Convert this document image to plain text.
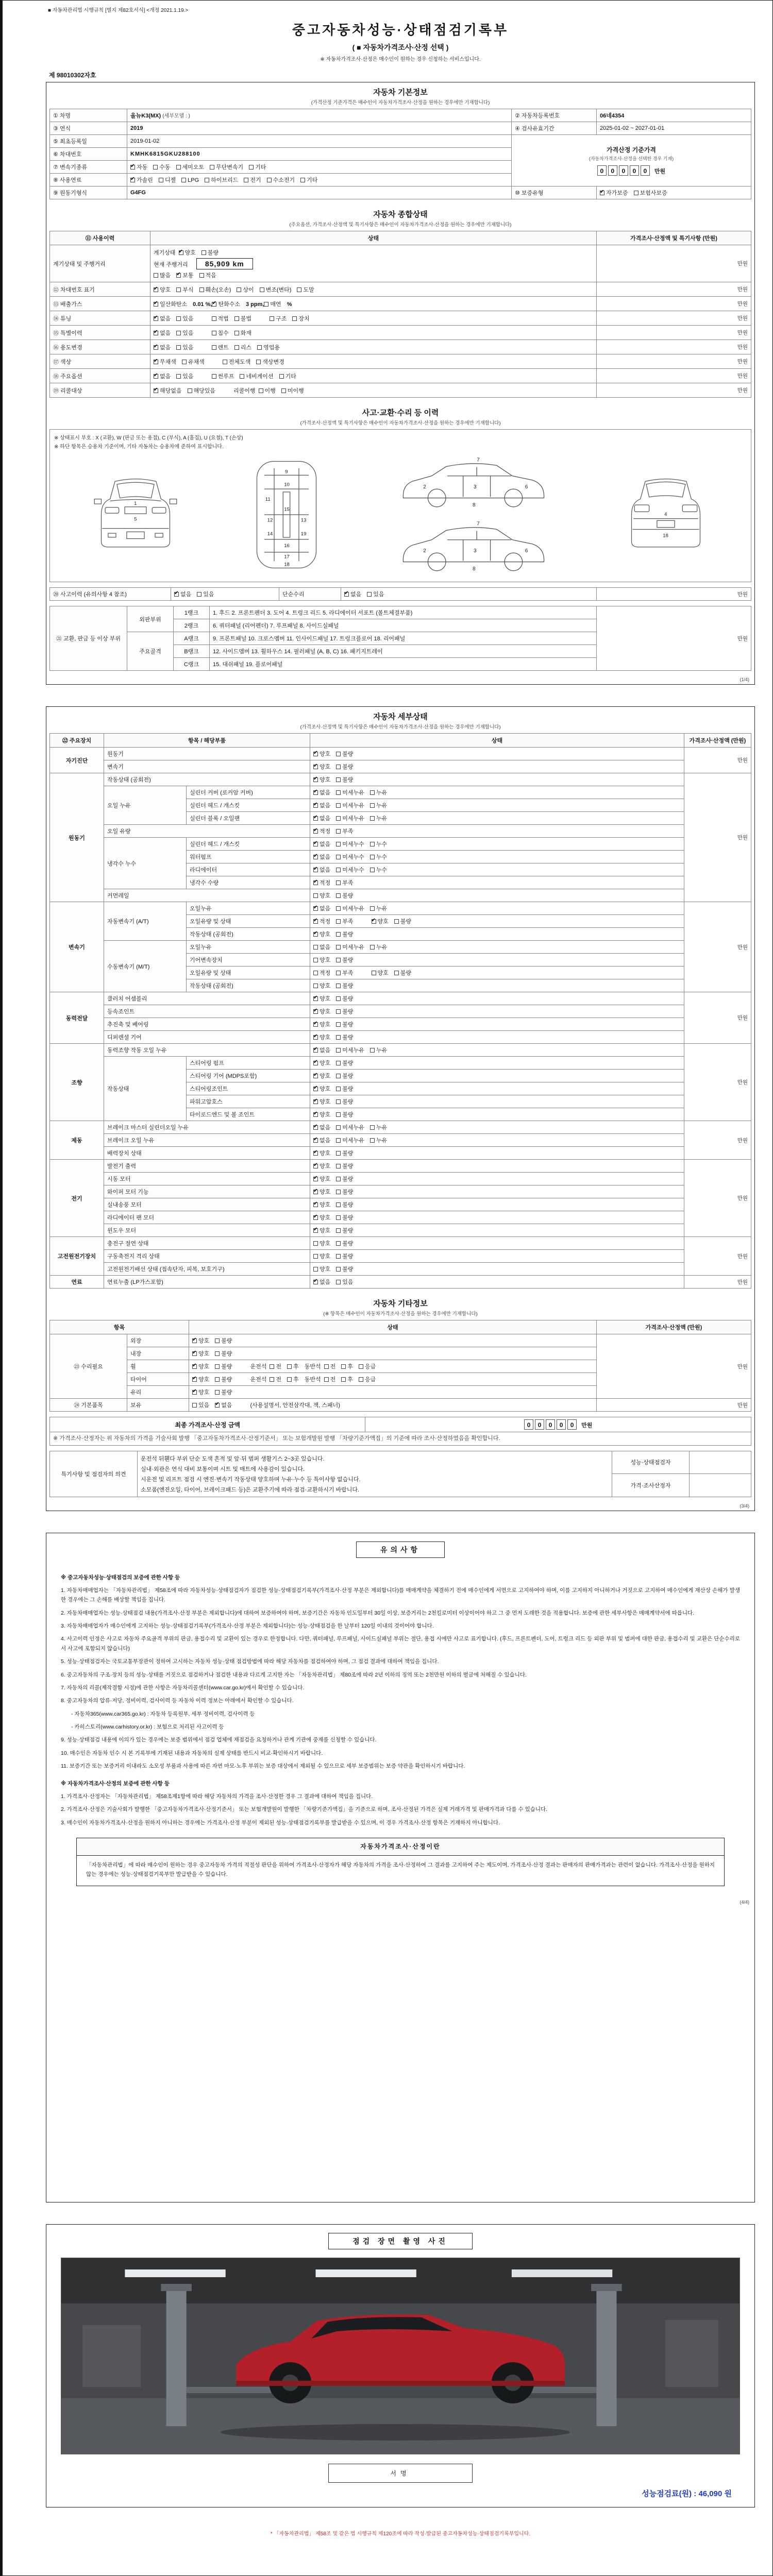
■ 자동차관리법 시행규칙 [별지 제82호서식] <개정 2021.1.19.>
중고자동차성능·상태점검기록부
( ■ 자동차가격조사·산정 선택 )
※ 자동차가격조사·산정은 매수인이 원하는 경우 신청하는 서비스입니다.
제 98010302자호
자동차 기본정보
(가격산정 기준가격은 매수인이 자동차가격조사·산정을 원하는 경우에만 기재합니다)
① 차명	올뉴K3(MX) (세부모델 : )	② 자동차등록번호	06네4354
③ 연식	2019	④ 검사유효기간	2025-01-02 ~ 2027-01-01
⑤ 최초등록일	2019-01-02	가격산정 기준가격
(자동차가격조사·산정을 선택한 경우 기재)
0 0 0 0 0 만원	

⑥ 차대번호	KMHK6815GKU288100		
⑦ 변속기종류	✔자동 수동 세미오토 무단변속기 기타
⑧ 사용연료	✔가솔린 디젤 LPG 하이브리드 전기 수소전기 기타
⑨ 원동기형식	G4FG	⑩ 보증유형	✔자가보증 보험사보증
자동차 종합상태
(주요옵션, 가격조사·산정액 및 특기사항은 매수인이 자동차가격조사·산정을 원하는 경우에만 기재합니다)
⑪ 사용이력	상태	가격조사·산정액 및 특기사항 (만원)
계기상태 및 주행거리	계기상태 ✔ 양호 불량
현재 주행거리 85,909 km
많음 ✔ 보통 적음	만원
⑫ 차대번호 표기	
✔양호 부식 훼손(오손) 상이 변조(변타) 도말	만원
⑬ 배출가스	
✔일산화탄소 0.01 %, ✔ 탄화수소 3 ppm, 매연 %	만원
⑭ 튜닝	
✔없음 있음 적법 불법 구조 장치	만원
⑮ 특별이력	
✔없음 있음 침수 화재	만원
⑯ 용도변경	
✔없음 있음 렌트 리스 영업용	만원
⑰ 색상	
✔무채색 유채색 전체도색 색상변경	만원
⑱ 주요옵션	
✔없음 있음 썬루프 네비게이션 기타	만원
⑲ 리콜대상	
✔해당없음 해당있음 리콜이행 이행 미이행	만원
사고·교환·수리 등 이력
(가격조사·산정액 및 특기사항은 매수인이 자동차가격조사·산정을 원하는 경우에만 기재합니다)
※ 상태표시 부호 : X (교환), W (판금 또는 용접), C (부식), A (흠집), U (요철), T (손상)
※ 하단 항목은 승용차 기준이며, 기타 자동차는 승용차에 준하여 표시합니다.
1
5
9
10
11
12	13
14
15
16
17
18
19
2	3	6
7
8
2	3	6
7
8
4
18
⑳ 사고이력 (유의사항 4 참조)	✔없음 있음	단순수리	✔없음 있음	만원
㉑ 교환, 판금 등 이상 부위	외판부위	1랭크	1. 후드 2. 프론트펜더 3. 도어 4. 트렁크 리드 5. 라디에이터 서포트 (볼트체결부품)	만원
		2랭크	6. 쿼터패널 (리어펜더) 7. 루프패널 8. 사이드실패널	
	주요골격	A랭크	9. 프론트패널 10. 크로스멤버 11. 인사이드패널 17. 트렁크플로어 18. 리어패널	
		B랭크	12. 사이드멤버 13. 휠하우스 14. 필러패널 (A, B, C) 16. 패키지트레이	
		C랭크	15. 대쉬패널 19. 플로어패널	
(1/4)
자동차 세부상태
(가격조사·산정액 및 특기사항은 매수인이 자동차가격조사·산정을 원하는 경우에만 기재합니다)
㉒ 주요장치	항목 / 해당부품		상태	가격조사·산정액 (만원)
자기진단	원동기	✔양호 불량	만원
	변속기	✔양호 불량
원동기	작동상태 (공회전)	✔양호 불량	만원
	오일 누유	실린더 커버 (로커암 커버)	✔없음 미세누유 누유
		실린더 헤드 / 개스킷	✔없음 미세누유 누유
		실린더 블록 / 오일팬	✔없음 미세누유 누유
	오일 유량	✔적정 부족
	냉각수 누수	실린더 헤드 / 개스킷	✔없음 미세누수 누수
		워터펌프	✔없음 미세누수 누수
		라디에이터	✔없음 미세누수 누수
		냉각수 수량	✔적정 부족
	커먼레일		양호 불량	
변속기	자동변속기 (A/T)	오일누유	✔없음 미세누유 누유	만원
		오일유량 및 상태	✔적정 부족 ✔ 양호 불량
		작동상태 (공회전)	✔양호 불량
	수동변속기 (M/T)	오일누유	없음 미세누유 누유	
		기어변속장치	양호 불량	
		오일유량 및 상태	적정 부족 양호 불량	
		작동상태 (공회전)	양호 불량	
동력전달	클러치 어셈블리	✔양호 불량	만원
	등속조인트	✔양호 불량
	추진축 및 베어링	✔양호 불량
	디퍼렌셜 기어	✔양호 불량
조향	동력조향 작동 오일 누유	✔없음 미세누유 누유	만원
	작동상태	스티어링 펌프	✔양호 불량
		스티어링 기어 (MDPS포함)	✔양호 불량
		스티어링조인트	✔양호 불량
		파워고압호스	✔양호 불량
		타이로드엔드 및 볼 조인트	✔양호 불량
제동	브레이크 마스터 실린더오일 누유	✔없음 미세누유 누유	만원
	브레이크 오일 누유	✔없음 미세누유 누유
	배력장치 상태	✔양호 불량
전기	발전기 출력	✔양호 불량	만원
	시동 모터	✔양호 불량
	와이퍼 모터 기능	✔양호 불량
	실내송풍 모터	✔양호 불량
	라디에이터 팬 모터	✔양호 불량
	윈도우 모터	✔양호 불량
고전원전기장치	충전구 절연 상태		양호 불량	만원
	구동축전지 격리 상태		양호 불량	
	고전원전기배선 상태 (접속단자, 피복, 보호기구)		양호 불량	
연료	연료누출 (LP가스포함)	✔없음 있음	만원
자동차 기타정보
(※ 항목은 매수인이 자동차가격조사·산정을 원하는 경우에만 기재합니다)
항목		상태	가격조사·산정액 (만원)
㉓ 수리필요	외장	✔양호 불량	만원
	내장	✔양호 불량
	휠	✔양호 불량 운전석 전 후 동반석 전 후 응급
	타이어	✔양호 불량 운전석 전 후 동반석 전 후 응급
	유리	✔양호 불량
㉔ 기본품목	보유	있음 ✔ 없음 (사용설명서, 안전삼각대, 잭, 스패너)	만원
최종 가격조사·산정 금액	0 0 0 0 0 만원
※ 가격조사·산정자는 위 자동차의 가격을 기술사회 발행 「중고자동차가격조사·산정기준서」 또는 보험개발원 발행 「차량기준가액집」의 기준에 따라 조사·산정하였음을 확인합니다.
특기사항 및 점검자의 의견	운전석 뒤휀다 부위 단순 도색 흔적 및 앞·뒤 범퍼 생활기스 2~3곳 있습니다.
실내·외관은 연식 대비 보통이며 시트 및 매트에 사용감이 있습니다.
시운전 및 리프트 점검 시 엔진·변속기 작동상태 양호하며 누유·누수 등 특이사항 없습니다.
소모품(엔진오일, 타이어, 브레이크패드 등)은 교환주기에 따라 점검·교환하시기 바랍니다.	성능·상태점검자	
		가격·조사산정자	
(3/4)
유의사항
※ 중고자동차성능·상태점검의 보증에 관한 사항 등
1. 자동차매매업자는 「자동차관리법」 제58조에 따라 자동차성능·상태점검자가 점검한 성능·상태점검기록부(가격조사·산정 부분은 제외합니다)를 매매계약을 체결하기 전에 매수인에게 서면으로 고지하여야 하며, 이를 고지하지 아니하거나 거짓으로 고지하여 매수인에게 재산상 손해가 발생한 경우에는 그 손해를 배상할 책임을 집니다.
2. 자동차매매업자는 성능·상태점검 내용(가격조사·산정 부분은 제외합니다)에 대하여 보증하여야 하며, 보증기간은 자동차 인도일부터 30일 이상, 보증거리는 2천킬로미터 이상이어야 하고 그 중 먼저 도래한 것을 적용합니다. 보증에 관한 세부사항은 매매계약서에 따릅니다.
3. 자동차매매업자가 매수인에게 고지하는 성능·상태점검기록부(가격조사·산정 부분은 제외합니다)는 성능·상태점검을 한 날부터 120일 이내의 것이어야 합니다.
4. 사고이력 인정은 사고로 자동차 주요골격 부위의 판금, 용접수리 및 교환이 있는 경우로 한정합니다. 다만, 쿼터패널, 루프패널, 사이드실패널 부위는 절단, 용접 시에만 사고로 표기합니다. (후드, 프론트펜더, 도어, 트렁크 리드 등 외판 부위 및 범퍼에 대한 판금, 용접수리 및 교환은 단순수리로서 사고에 포함되지 않습니다)
5. 성능·상태점검자는 국토교통부장관이 정하여 고시하는 자동차 성능·상태 점검방법에 따라 해당 자동차를 점검하여야 하며, 그 점검 결과에 대하여 책임을 집니다.
6. 중고자동차의 구조·장치 등의 성능·상태를 거짓으로 점검하거나 점검한 내용과 다르게 고지한 자는 「자동차관리법」 제80조에 따라 2년 이하의 징역 또는 2천만원 이하의 벌금에 처해질 수 있습니다.
7. 자동차의 리콜(제작결함 시정)에 관한 사항은 자동차리콜센터(www.car.go.kr)에서 확인할 수 있습니다.
8. 중고자동차의 압류·저당, 정비이력, 검사이력 등 자동차 이력 정보는 아래에서 확인할 수 있습니다.
- 자동차365(www.car365.go.kr) : 자동차 등록원부, 세부 정비이력, 검사이력 등
- 카히스토리(www.carhistory.or.kr) : 보험으로 처리된 사고이력 등
9. 성능·상태점검 내용에 이의가 있는 경우에는 보증 범위에서 점검 업체에 재점검을 요청하거나 관계 기관에 중재를 신청할 수 있습니다.
10. 매수인은 자동차 인수 시 본 기록부에 기재된 내용과 자동차의 실제 상태를 반드시 비교·확인하시기 바랍니다.
11. 보증기간 또는 보증거리 이내라도 소모성 부품과 사용에 따른 자연 마모·노후 부위는 보증 대상에서 제외될 수 있으므로 세부 보증범위는 보증 약관을 확인하시기 바랍니다.
※ 자동차가격조사·산정의 보증에 관한 사항 등
1. 가격조사·산정자는 「자동차관리법」 제58조제1항에 따라 해당 자동차의 가격을 조사·산정한 경우 그 결과에 대하여 책임을 집니다.
2. 가격조사·산정은 기술사회가 발행한 「중고자동차가격조사·산정기준서」 또는 보험개발원이 발행한 「차량기준가액집」을 기준으로 하며, 조사·산정된 가격은 실제 거래가격 및 판매가격과 다를 수 있습니다.
3. 매수인이 자동차가격조사·산정을 원하지 아니하는 경우에는 가격조사·산정 부분이 제외된 성능·상태점검기록부를 발급받을 수 있으며, 이 경우 가격조사·산정 항목은 기재하지 아니합니다.
자동차가격조사·산정이란
「자동차관리법」에 따라 매수인이 원하는 경우 중고자동차 가격의 적절성 판단을 위하여 가격조사·산정자가 해당 자동차의 가격을 조사·산정하여 그 결과를 고지하여 주는 제도이며, 가격조사·산정 결과는 판매자의 판매가격과는 관련이 없습니다. 가격조사·산정을 원하지 않는 경우에는 성능·상태점검기록부만 발급받을 수 있습니다.
(4/4)
점검 장면 촬영 사진
서명
성능점검료(원) : 46,090 원
* 「자동차관리법」 제58조 및 같은 법 시행규칙 제120조에 따라 작성·발급된 중고자동차성능·상태점검기록부입니다.
